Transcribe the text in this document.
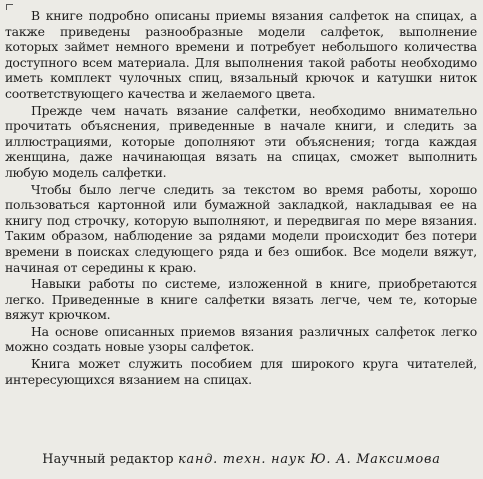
В книге подробно описаны приемы вязания салфеток на спицах, а также приведены разнообразные модели салфеток, выполнение которых займет немного времени и потребует небольшого количества доступного всем материала. Для выполнения такой работы необходимо иметь комплект чулочных спиц, вязальный крючок и катушки ниток соответствующего качества и желаемого цвета.

Прежде чем начать вязание салфетки, необходимо внимательно прочитать объяснения, приведенные в начале книги, и следить за иллюстрациями, которые дополняют эти объяснения; тогда каждая женщина, даже начинающая вязать на спицах, сможет выполнить любую модель салфетки.

Чтобы было легче следить за текстом во время работы, хорошо пользоваться картонной или бумажной закладкой, накладывая ее на книгу под строчку, которую выполняют, и передвигая по мере вязания. Таким образом, наблюдение за рядами модели происходит без потери времени в поисках следующего ряда и без ошибок. Все модели вяжут, начиная от середины к краю.

Навыки работы по системе, изложенной в книге, приобретаются легко. Приведенные в книге салфетки вязать легче, чем те, которые вяжут крючком.

На основе описанных приемов вязания различных салфеток легко можно создать новые узоры салфеток.

Книга может служить пособием для широкого круга читателей, интересующихся вязанием на спицах.

Научный редактор канд. техн. наук Ю. А. Максимова
